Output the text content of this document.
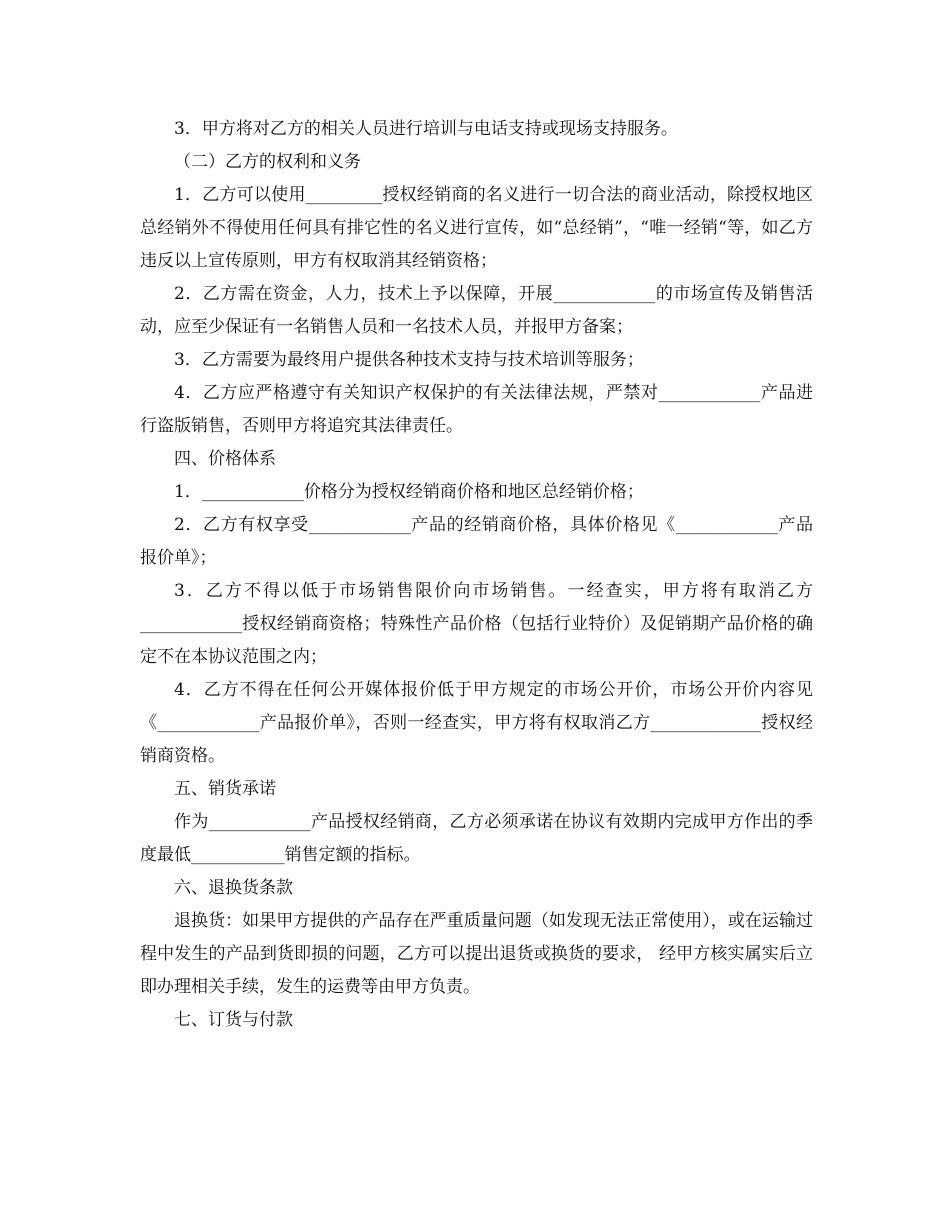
3．甲方将对乙方的相关人员进行培训与电话支持或现场支持服务。

（二）乙方的权利和义务

1．乙方可以使用_________授权经销商的名义进行一切合法的商业活动，除授权地区总经销外不得使用任何具有排它性的名义进行宣传，如“总经销”，“唯一经销“等，如乙方违反以上宣传原则，甲方有权取消其经销资格；

2．乙方需在资金，人力，技术上予以保障，开展____________的市场宣传及销售活动，应至少保证有一名销售人员和一名技术人员，并报甲方备案；

3．乙方需要为最终用户提供各种技术支持与技术培训等服务；

4．乙方应严格遵守有关知识产权保护的有关法律法规，严禁对____________产品进行盗版销售，否则甲方将追究其法律责任。

四、价格体系

1．____________价格分为授权经销商价格和地区总经销价格；

2．乙方有权享受____________产品的经销商价格，具体价格见《____________产品报价单》；

3．乙方不得以低于市场销售限价向市场销售。一经查实，甲方将有取消乙方____________授权经销商资格；特殊性产品价格（包括行业特价）及促销期产品价格的确定不在本协议范围之内；

4．乙方不得在任何公开媒体报价低于甲方规定的市场公开价，市场公开价内容见《____________产品报价单》，否则一经查实，甲方将有权取消乙方_____________授权经销商资格。

五、销货承诺

作为____________产品授权经销商，乙方必须承诺在协议有效期内完成甲方作出的季度最低___________销售定额的指标。

六、退换货条款

退换货：如果甲方提供的产品存在严重质量问题（如发现无法正常使用），或在运输过程中发生的产品到货即损的问题，乙方可以提出退货或换货的要求， 经甲方核实属实后立即办理相关手续，发生的运费等由甲方负责。

七、订货与付款
